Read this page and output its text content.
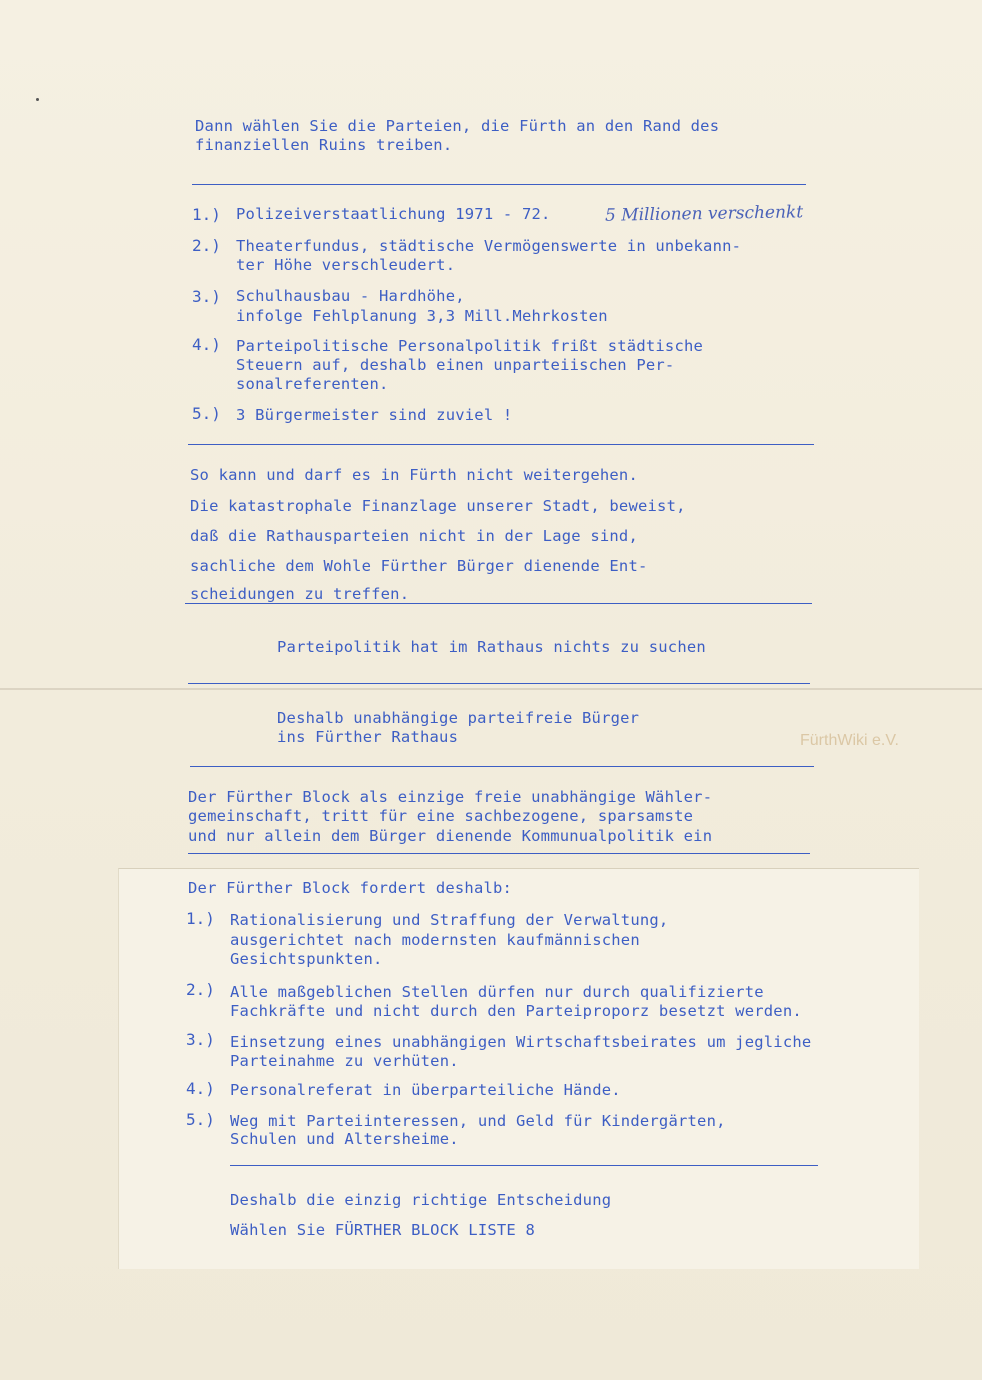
Dann wählen Sie die Parteien, die Fürth an den Rand des
finanziellen Ruins treiben.
1.) Polizeiverstaatlichung 1971 - 72.	5 Millionen verschenkt
2.) Theaterfundus, städtische Vermögenswerte in unbekann-
ter Höhe verschleudert.
3.) Schulhausbau - Hardhöhe,
infolge Fehlplanung 3,3 Mill.Mehrkosten
4.) Parteipolitische Personalpolitik frißt städtische
Steuern auf, deshalb einen unparteiischen Per-
sonalreferenten.
5.) 3 Bürgermeister sind zuviel !
So kann und darf es in Fürth nicht weitergehen.
Die katastrophale Finanzlage unserer Stadt, beweist,
daß die Rathausparteien nicht in der Lage sind,
sachliche dem Wohle Fürther Bürger dienende Ent-
scheidungen zu treffen.
Parteipolitik hat im Rathaus nichts zu suchen
Deshalb unabhängige parteifreie Bürger
ins Fürther Rathaus	FürthWiki e.V.
Der Fürther Block als einzige freie unabhängige Wähler-
gemeinschaft, tritt für eine sachbezogene, sparsamste
und nur allein dem Bürger dienende Kommunualpolitik ein
Der Fürther Block fordert deshalb:
1.) Rationalisierung und Straffung der Verwaltung,
ausgerichtet nach modernsten kaufmännischen
Gesichtspunkten.
2.) Alle maßgeblichen Stellen dürfen nur durch qualifizierte
Fachkräfte und nicht durch den Parteiproporz besetzt werden.
3.) Einsetzung eines unabhängigen Wirtschaftsbeirates um jegliche
Parteinahme zu verhüten.
4.) Personalreferat in überparteiliche Hände.
5.) Weg mit Parteiinteressen, und Geld für Kindergärten,
Schulen und Altersheime.
Deshalb die einzig richtige Entscheidung
Wählen Sie FÜRTHER BLOCK LISTE 8
